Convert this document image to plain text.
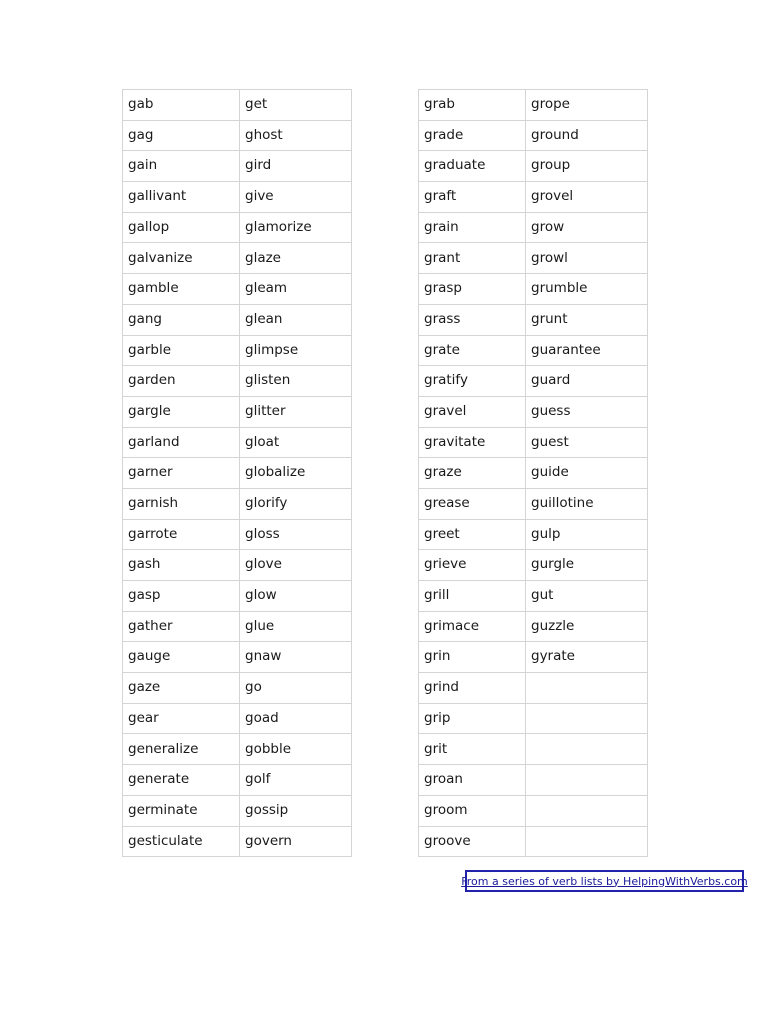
gab	get
gag	ghost
gain	gird
gallivant	give
gallop	glamorize
galvanize	glaze
gamble	gleam
gang	glean
garble	glimpse
garden	glisten
gargle	glitter
garland	gloat
garner	globalize
garnish	glorify
garrote	gloss
gash	glove
gasp	glow
gather	glue
gauge	gnaw
gaze	go
gear	goad
generalize	gobble
generate	golf
germinate	gossip
gesticulate	govern
grab	grope
grade	ground
graduate	group
graft	grovel
grain	grow
grant	growl
grasp	grumble
grass	grunt
grate	guarantee
gratify	guard
gravel	guess
gravitate	guest
graze	guide
grease	guillotine
greet	gulp
grieve	gurgle
grill	gut
grimace	guzzle
grin	gyrate
grind	
grip	
grit	
groan	
groom	
groove	
From a series of verb lists by HelpingWithVerbs.com
